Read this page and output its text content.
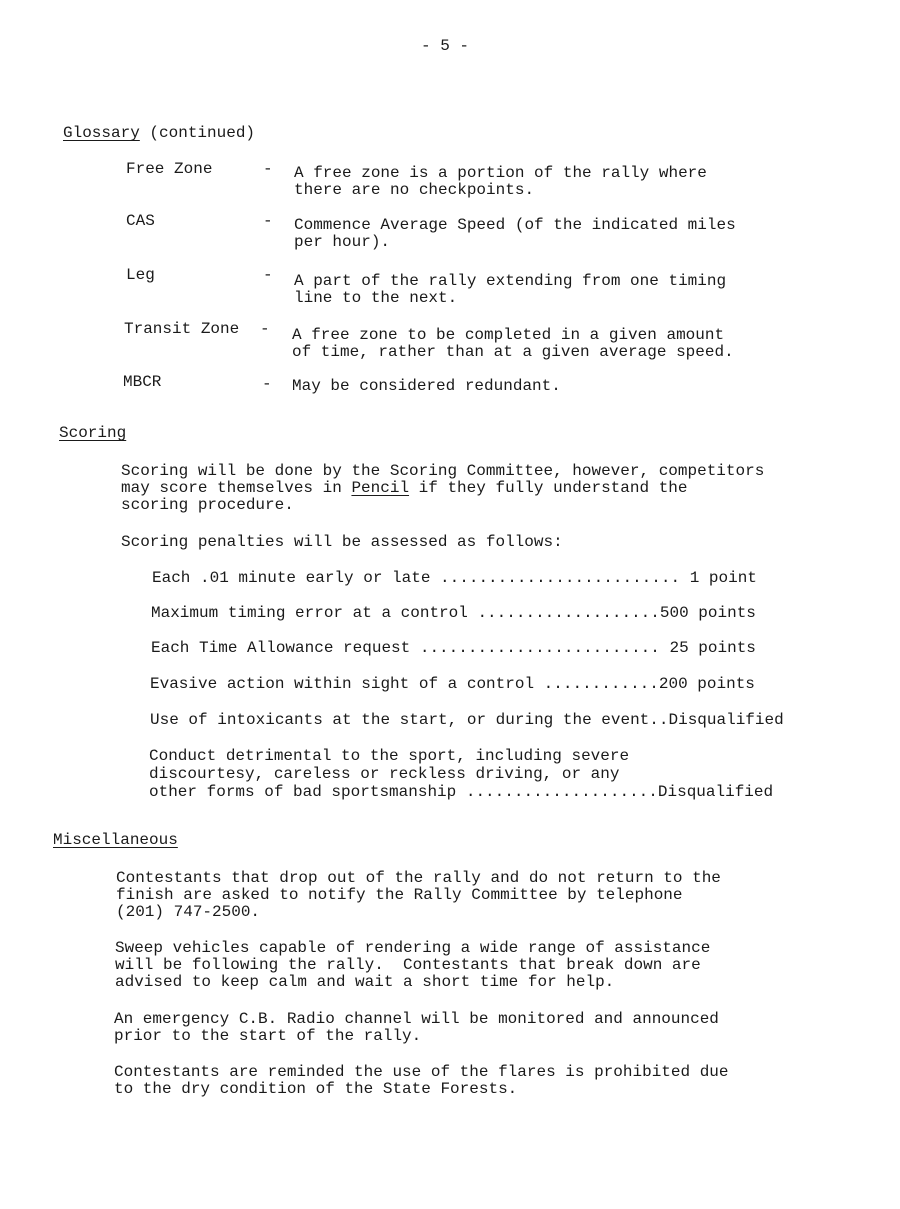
- 5 -
Glossary (continued)
Free Zone	- A free zone is a portion of the rally where
there are no checkpoints.
CAS	- Commence Average Speed (of the indicated miles
per hour).
Leg	- A part of the rally extending from one timing
line to the next.
Transit Zone - A free zone to be completed in a given amount
of time, rather than at a given average speed.
MBCR	- May be considered redundant.
Scoring
Scoring will be done by the Scoring Committee, however, competitors
may score themselves in Pencil if they fully understand the
scoring procedure.
Scoring penalties will be assessed as follows:
Each .01 minute early or late ......................... 1 point
Maximum timing error at a control ...................500 points
Each Time Allowance request ......................... 25 points
Evasive action within sight of a control ............200 points
Use of intoxicants at the start, or during the event..Disqualified
Conduct detrimental to the sport, including severe
discourtesy, careless or reckless driving, or any
other forms of bad sportsmanship ....................Disqualified
Miscellaneous
Contestants that drop out of the rally and do not return to the
finish are asked to notify the Rally Committee by telephone
(201) 747-2500.
Sweep vehicles capable of rendering a wide range of assistance
will be following the rally.  Contestants that break down are
advised to keep calm and wait a short time for help.
An emergency C.B. Radio channel will be monitored and announced
prior to the start of the rally.
Contestants are reminded the use of the flares is prohibited due
to the dry condition of the State Forests.
